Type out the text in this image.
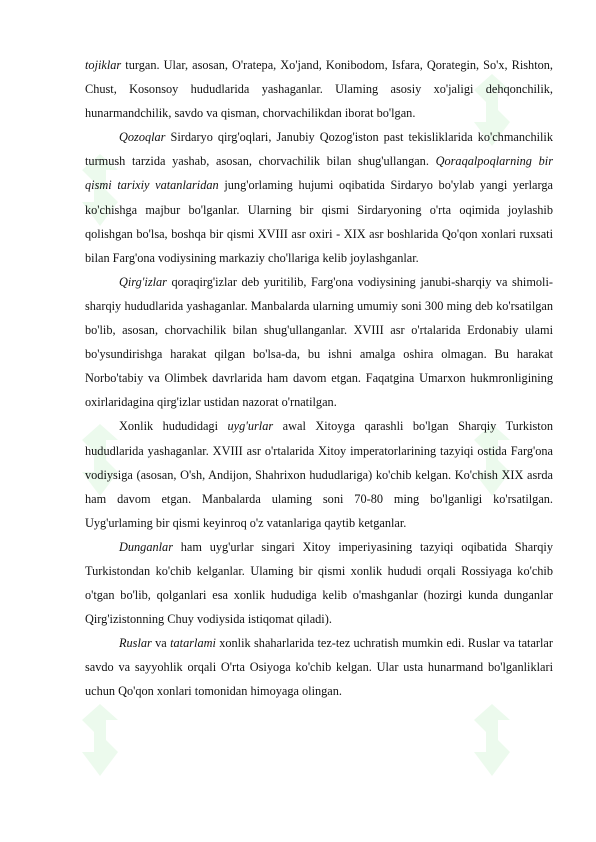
tojiklar turgan. Ular, asosan, O'ratepa, Xo'jand, Konibodom, Isfara, Qorategin, So'x, Rishton, Chust, Kosonsoy hududlarida yashaganlar. Ulaming asosiy xo'jaligi dehqonchilik, hunarmandchilik, savdo va qisman, chorvachilikdan iborat bo'lgan.

Qozoqlar Sirdaryo qirg'oqlari, Janubiy Qozog'iston past tekisliklarida ko'chmanchilik turmush tarzida yashab, asosan, chorvachilik bilan shug'ullangan. Qoraqalpoqlarning bir qismi tarixiy vatanlaridan jung'orlaming hujumi oqibatida Sirdaryo bo'ylab yangi yerlarga ko'chishga majbur bo'lganlar. Ularning bir qismi Sirdaryoning o'rta oqimida joylashib qolishgan bo'lsa, boshqa bir qismi XVIII asr oxiri - XIX asr boshlarida Qo'qon xonlari ruxsati bilan Farg'ona vodiysining markaziy cho'llariga kelib joylashganlar.

Qirg'izlar qoraqirg'izlar deb yuritilib, Farg'ona vodiysining janubi-sharqiy va shimoli-sharqiy hududlarida yashaganlar. Manbalarda ularning umumiy soni 300 ming deb ko'rsatilgan bo'lib, asosan, chorvachilik bilan shug'ullanganlar. XVIII asr o'rtalarida Erdonabiy ulami bo'ysundirishga harakat qilgan bo'lsa-da, bu ishni amalga oshira olmagan. Bu harakat Norbo'tabiy va Olimbek davrlarida ham davom etgan. Faqatgina Umarxon hukmronligining oxirlaridagina qirg'izlar ustidan nazorat o'rnatilgan.

Xonlik hududidagi uyg'urlar awal Xitoyga qarashli bo'lgan Sharqiy Turkiston hududlarida yashaganlar. XVIII asr o'rtalarida Xitoy imperatorlarining tazyiqi ostida Farg'ona vodiysiga (asosan, O'sh, Andijon, Shahrixon hududlariga) ko'chib kelgan. Ko'chish XIX asrda ham davom etgan. Manbalarda ulaming soni 70-80 ming bo'lganligi ko'rsatilgan. Uyg'urlaming bir qismi keyinroq o'z vatanlariga qaytib ketganlar.

Dunganlar ham uyg'urlar singari Xitoy imperiyasining tazyiqi oqibatida Sharqiy Turkistondan ko'chib kelganlar. Ulaming bir qismi xonlik hududi orqali Rossiyaga ko'chib o'tgan bo'lib, qolganlari esa xonlik hududiga kelib o'mashganlar (hozirgi kunda dunganlar Qirg'izistonning Chuy vodiysida istiqomat qiladi).

Ruslar va tatarlami xonlik shaharlarida tez-tez uchratish mumkin edi. Ruslar va tatarlar savdo va sayyohlik orqali O'rta Osiyoga ko'chib kelgan. Ular usta hunarmand bo'lganliklari uchun Qo'qon xonlari tomonidan himoyaga olingan.
